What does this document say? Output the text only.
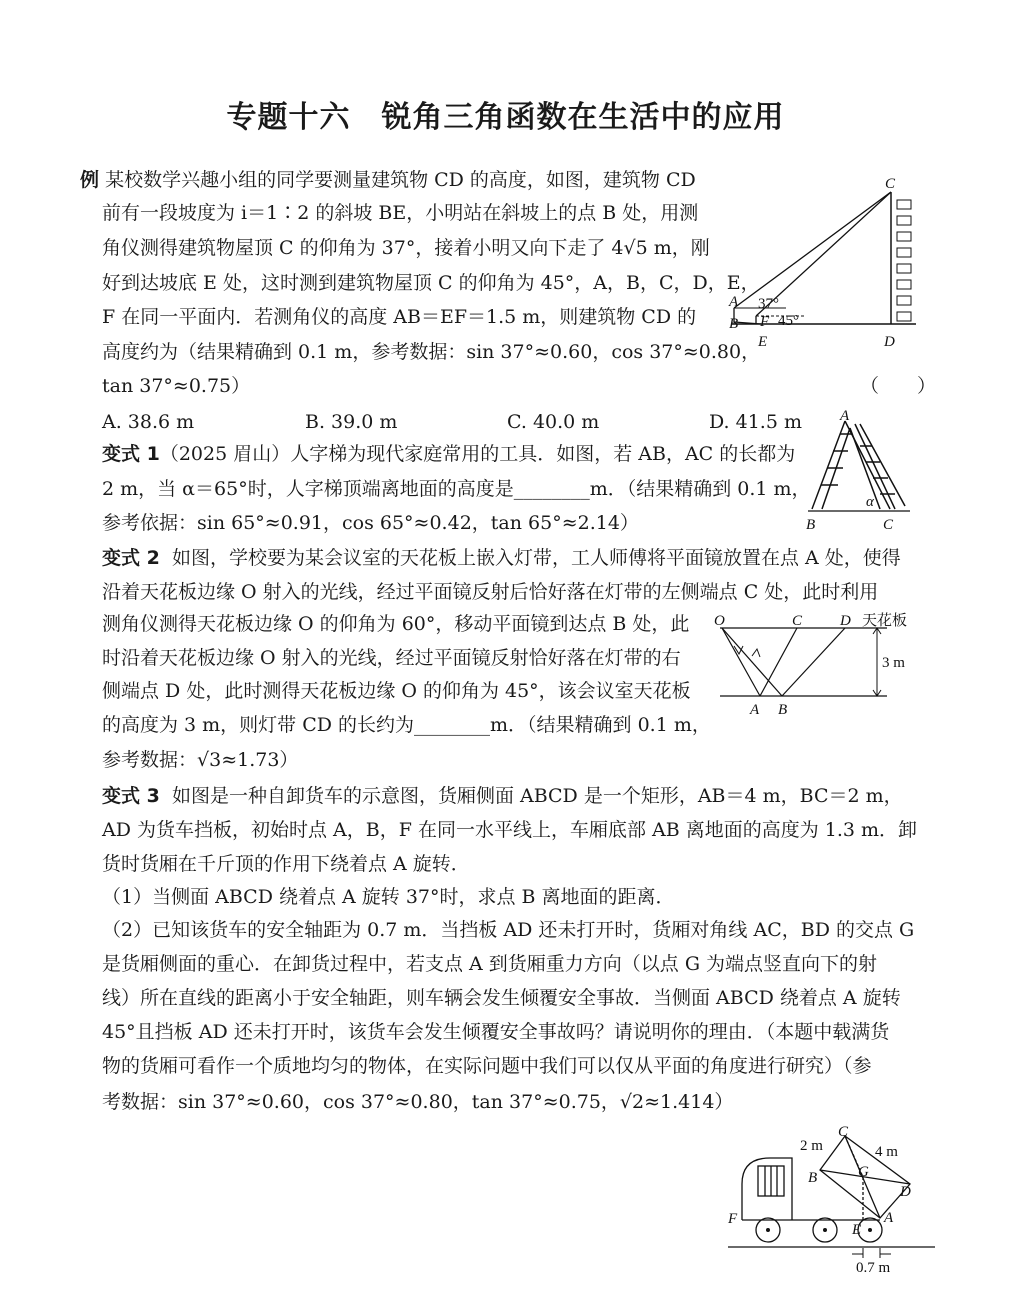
专题十六　锐角三角函数在生活中的应用
例 某校数学兴趣小组的同学要测量建筑物 CD 的高度，如图，建筑物 CD
前有一段坡度为 i＝1∶2 的斜坡 BE，小明站在斜坡上的点 B 处，用测
角仪测得建筑物屋顶 C 的仰角为 37°，接着小明又向下走了 4√5 m，刚
好到达坡底 E 处，这时测到建筑物屋顶 C 的仰角为 45°，A，B，C，D，E，
F 在同一平面内．若测角仪的高度 AB＝EF＝1.5 m，则建筑物 CD 的
高度约为（结果精确到 0.1 m，参考数据：sin 37°≈0.60，cos 37°≈0.80，
tan 37°≈0.75）	（　　）
A. 38.6 m	B. 39.0 m	C. 40.0 m	D. 41.5 m
C
A
B F
E	D
37°
45°
变式 1（2025 眉山）人字梯为现代家庭常用的工具．如图，若 AB，AC 的长都为
2 m，当 α＝65°时，人字梯顶端离地面的高度是________m．（结果精确到 0.1 m，
参考依据：sin 65°≈0.91，cos 65°≈0.42，tan 65°≈2.14）
A
B	C
α
变式 2 如图，学校要为某会议室的天花板上嵌入灯带，工人师傅将平面镜放置在点 A 处，使得
沿着天花板边缘 O 射入的光线，经过平面镜反射后恰好落在灯带的左侧端点 C 处，此时利用
测角仪测得天花板边缘 O 的仰角为 60°，移动平面镜到达点 B 处，此
时沿着天花板边缘 O 射入的光线，经过平面镜反射恰好落在灯带的右
侧端点 D 处，此时测得天花板边缘 O 的仰角为 45°，该会议室天花板
的高度为 3 m，则灯带 CD 的长约为________m．（结果精确到 0.1 m，
参考数据：√3≈1.73）
O	C	D 天花板
3 m
A B
变式 3 如图是一种自卸货车的示意图，货厢侧面 ABCD 是一个矩形，AB＝4 m，BC＝2 m，
AD 为货车挡板，初始时点 A，B，F 在同一水平线上，车厢底部 AB 离地面的高度为 1.3 m．卸
货时货厢在千斤顶的作用下绕着点 A 旋转．
（1）当侧面 ABCD 绕着点 A 旋转 37°时，求点 B 离地面的距离．
（2）已知该货车的安全轴距为 0.7 m．当挡板 AD 还未打开时，货厢对角线 AC，BD 的交点 G
是货厢侧面的重心．在卸货过程中，若支点 A 到货厢重力方向（以点 G 为端点竖直向下的射
线）所在直线的距离小于安全轴距，则车辆会发生倾覆安全事故．当侧面 ABCD 绕着点 A 旋转
45°且挡板 AD 还未打开时，该货车会发生倾覆安全事故吗？请说明你的理由．（本题中载满货
物的货厢可看作一个质地均匀的物体，在实际问题中我们可以仅从平面的角度进行研究）（参
考数据：sin 37°≈0.60，cos 37°≈0.80，tan 37°≈0.75，√2≈1.414）
C
2 m	4 m
B	G
D
F
E
A
0.7 m
